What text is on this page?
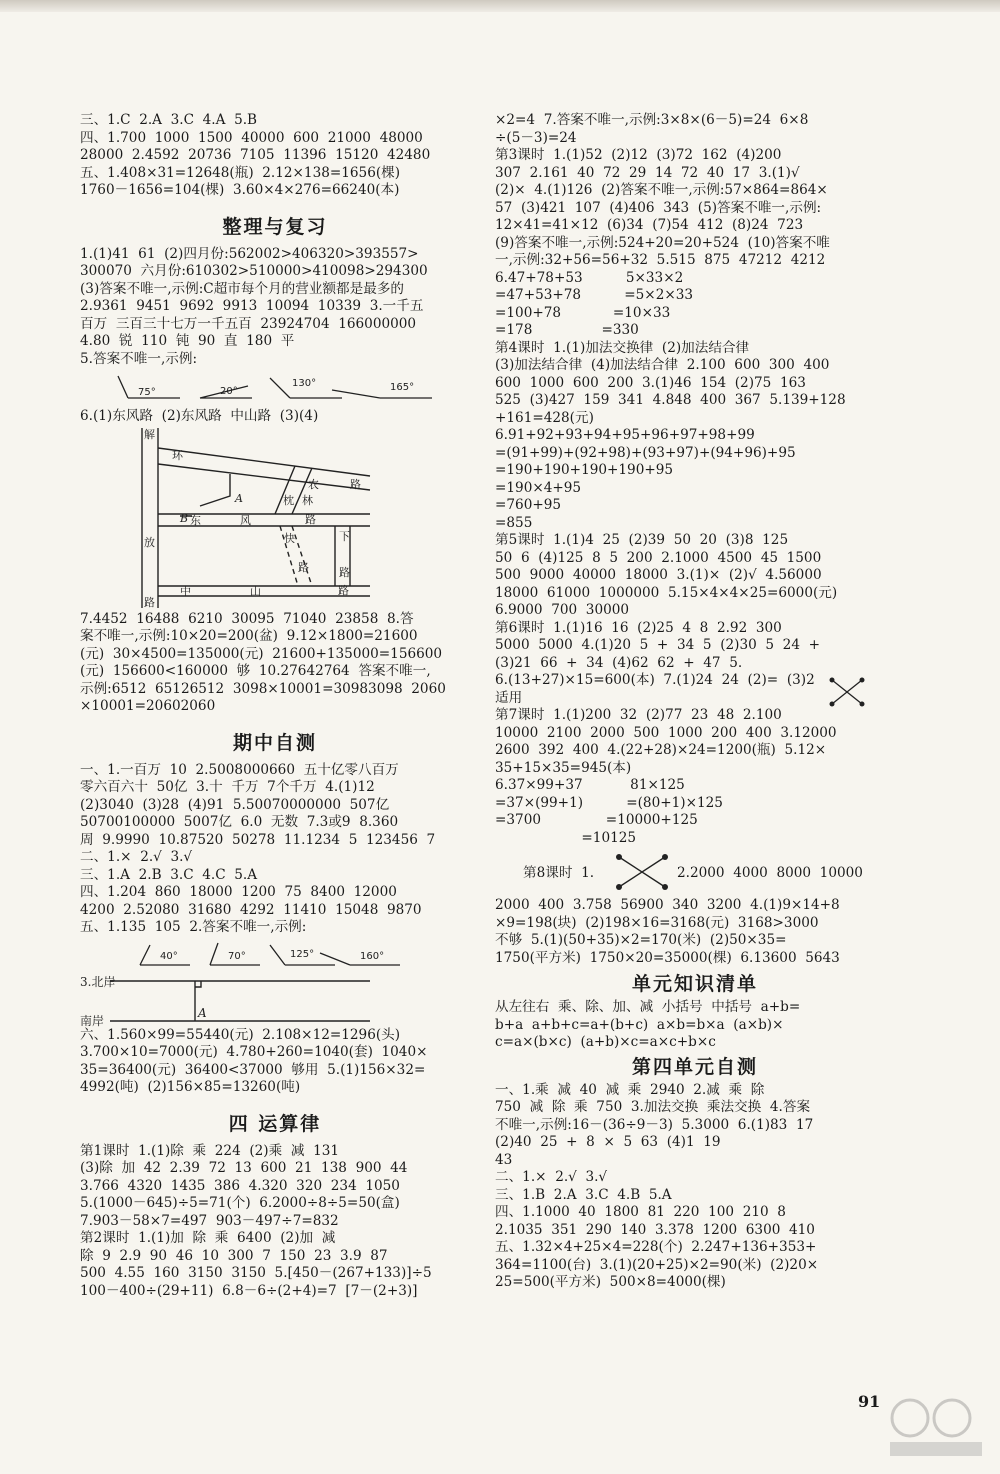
三、1.C  2.A  3.C  4.A  5.B
四、1.700  1000  1500  40000  600  21000  48000
28000  2.4592  20736  7105  11396  15120  42480
五、1.408×31=12648(瓶)  2.12×138=1656(棵)
1760－1656=104(棵)  3.60×4×276=66240(本)
整理与复习
1.(1)41  61  (2)四月份:562002>406320>393557>
300070  六月份:610302>510000>410098>294300
(3)答案不唯一,示例:C超市每个月的营业额都是最多的
2.9361  9451  9692  9913  10094  10339  3.一千五
百万  三百三十七万一千五百  23924704  166000000
4.80  锐  110  钝  90  直  180  平
5.答案不唯一,示例:
75°	20°
130°	165°
6.(1)东风路  (2)东风路  中山路  (3)(4)
解
放
路
环
东	风	路
中	山	路
下
路
路
农
林
枕
快
路
A
B
7.4452  16488  6210  30095  71040  23858  8.答
案不唯一,示例:10×20=200(盆)  9.12×1800=21600
(元)  30×4500=135000(元)  21600+135000=156600
(元)  156600<160000  够  10.27642764  答案不唯一,
示例:6512  65126512  3098×10001=30983098  2060
×10001=20602060
期中自测
一、1.一百万  10  2.5008000660  五十亿零八百万
零六百六十  50亿  3.十  千万  7个千万  4.(1)12
(2)3040  (3)28  (4)91  5.50070000000  507亿
50700100000  5007亿  6.0  无数  7.3或9  8.360
周  9.9990  10.87520  50278  11.1234  5  123456  7
二、1.×  2.√  3.√
三、1.A  2.B  3.C  4.C  5.A
四、1.204  860  18000  1200  75  8400  12000
4200  2.52080  31680  4292  11410  15048  9870
五、1.135  105  2.答案不唯一,示例:
40°	70°	125°	160°
3.北岸
南岸
A
六、1.560×99=55440(元)  2.108×12=1296(头)
3.700×10=7000(元)  4.780+260=1040(套)  1040×
35=36400(元)  36400<37000  够用  5.(1)156×32=
4992(吨)  (2)156×85=13260(吨)
四 运算律
第1课时  1.(1)除  乘  224  (2)乘  减  131
(3)除  加  42  2.39  72  13  600  21  138  900  44
3.766  4320  1435  386  4.320  320  234  1050
5.(1000－645)÷5=71(个)  6.2000÷8÷5=50(盒)
7.903－58×7=497  903－497÷7=832
第2课时  1.(1)加  除  乘  6400  (2)加  减
除  9  2.9  90  46  10  300  7  150  23  3.9  87
500  4.55  160  3150  3150  5.[450－(267+133)]÷5
100－400÷(29+11)  6.8－6÷(2+4)=7  [7－(2+3)]
×2=4  7.答案不唯一,示例:3×8×(6－5)=24  6×8
÷(5－3)=24
第3课时  1.(1)52  (2)12  (3)72  162  (4)200
307  2.161  40  72  29  14  72  40  17  3.(1)√
(2)×  4.(1)126  (2)答案不唯一,示例:57×864=864×
57  (3)421  107  (4)406  343  (5)答案不唯一,示例:
12×41=41×12  (6)34  (7)54  412  (8)24  723
(9)答案不唯一,示例:524+20=20+524  (10)答案不唯
一,示例:32+56=56+32  5.515  875  47212  4212
6.47+78+53          5×33×2
=47+53+78          =5×2×33
=100+78            =10×33
=178                =330
第4课时  1.(1)加法交换律  (2)加法结合律
(3)加法结合律  (4)加法结合律  2.100  600  300  400
600  1000  600  200  3.(1)46  154  (2)75  163
525  (3)427  159  341  4.848  400  367  5.139+128
+161=428(元)
6.91+92+93+94+95+96+97+98+99
=(91+99)+(92+98)+(93+97)+(94+96)+95
=190+190+190+190+95
=190×4+95
=760+95
=855
第5课时  1.(1)4  25  (2)39  50  20  (3)8  125
50  6  (4)125  8  5  200  2.1000  4500  45  1500
500  9000  40000  18000  3.(1)×  (2)√  4.56000
18000  61000  1000000  5.15×4×4×25=6000(元)
6.9000  700  30000
第6课时  1.(1)16  16  (2)25  4  8  2.92  300
5000  5000  4.(1)20  5  +  34  5  (2)30  5  24  +
(3)21  66  +  34  (4)62  62  +  47  5.
6.(13+27)×15=600(本)  7.(1)24  24  (2)=  (3)2
适用
第7课时  1.(1)200  32  (2)77  23  48  2.100
10000  2100  2000  500  1000  200  400  3.12000
2600  392  400  4.(22+28)×24=1200(瓶)  5.12×
35+15×35=945(本)
6.37×99+37           81×125
=37×(99+1)          =(80+1)×125
=3700               =10000+125
=10125
第8课时  1.	2.2000  4000  8000  10000
2000  400  3.758  56900  340  3200  4.(1)9×14+8
×9=198(块)  (2)198×16=3168(元)  3168>3000
不够  5.(1)(50+35)×2=170(米)  (2)50×35=
1750(平方米)  1750×20=35000(棵)  6.13600  5643
单元知识清单
从左往右  乘、除、加、减  小括号  中括号  a+b=
b+a  a+b+c=a+(b+c)  a×b=b×a  (a×b)×
c=a×(b×c)  (a+b)×c=a×c+b×c
第四单元自测
一、1.乘  减  40  减  乘  2940  2.减  乘  除
750  减  除  乘  750  3.加法交换  乘法交换  4.答案
不唯一,示例:16－(36÷9－3)  5.3000  6.(1)83  17
(2)40  25  +  8  ×  5  63  (4)1  19
43
二、1.×  2.√  3.√
三、1.B  2.A  3.C  4.B  5.A
四、1.1000  40  1800  81  220  100  210  8
2.1035  351  290  140  3.378  1200  6300  410
五、1.32×4+25×4=228(个)  2.247+136+353+
364=1100(台)  3.(1)(20+25)×2=90(米)  (2)20×
25=500(平方米)  500×8=4000(棵)
91
